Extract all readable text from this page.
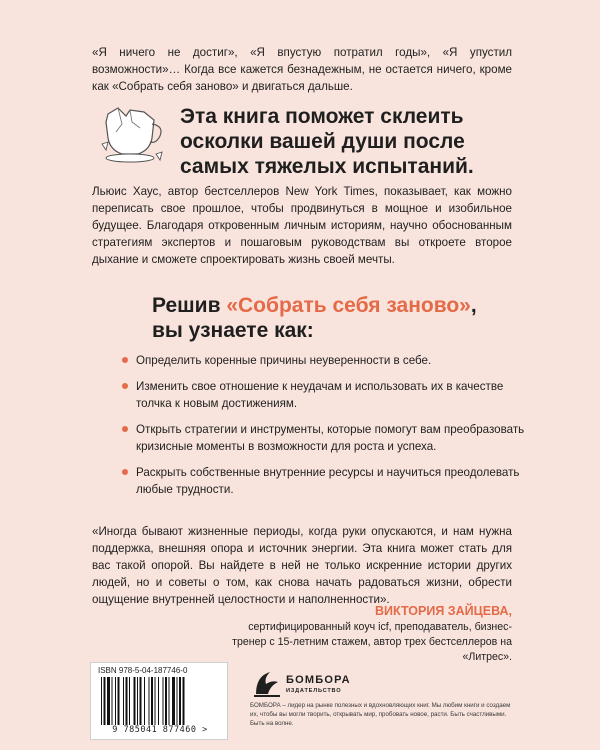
«Я ничего не достиг», «Я впустую потратил годы», «Я упустил возможности»… Когда все кажется безнадежным, не остается ничего, кроме как «Собрать себя заново» и двигаться дальше.
Эта книга поможет склеить осколки вашей души после самых тяжелых испытаний.
Льюис Хаус, автор бестселлеров New York Times, показывает, как можно переписать свое прошлое, чтобы продвинуться в мощное и изобильное будущее. Благодаря откровенным личным историям, научно обоснованным стратегиям экспертов и пошаговым руководствам вы откроете второе дыхание и сможете спроектировать жизнь своей мечты.
Решив «Собрать себя заново»,
вы узнаете как:
Определить коренные причины неуверенности в себе.
Изменить свое отношение к неудачам и использовать их в качестве толчка к новым достижениям.
Открыть стратегии и инструменты, которые помогут вам преобразовать кризисные моменты в возможности для роста и успеха.
Раскрыть собственные внутренние ресурсы и научиться преодолевать любые трудности.
«Иногда бывают жизненные периоды, когда руки опускаются, и нам нужна поддержка, внешняя опора и источник энергии. Эта книга может стать для вас такой опорой. Вы найдете в ней не только искренние истории других людей, но и советы о том, как снова начать радоваться жизни, обрести ощущение внутренней целостности и наполненности».
ВИКТОРИЯ ЗАЙЦЕВА,
сертифицированный коуч icf, преподаватель, бизнес-тренер с 15-летним стажем, автор трех бестселлеров на «Литрес».
ISBN 978-5-04-187746-0
9 785041 877460 >
БОМБОРА
ИЗДАТЕЛЬСТВО
БОМБОРА – лидер на рынке полезных и вдохновляющих книг. Мы любим книги и создаем их, чтобы вы могли творить, открывать мир, пробовать новое, расти. Быть счастливыми. Быть на волне.
